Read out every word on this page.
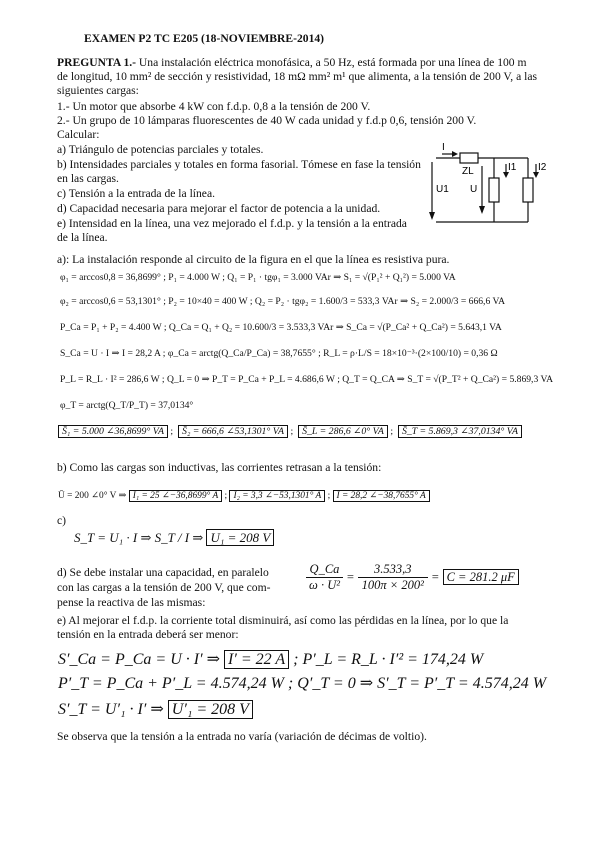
EXAMEN P2 TC E205 (18-NOVIEMBRE-2014)
PREGUNTA 1.- Una instalación eléctrica monofásica, a 50 Hz, está formada por una línea de 100 m
de longitud, 10 mm² de sección y resistividad, 18 mΩ mm² m¹ que alimenta, a la tensión de 200 V, a las
siguientes cargas:
1.- Un motor que absorbe 4 kW con f.d.p. 0,8 a la tensión de 200 V.
2.- Un grupo de 10 lámparas fluorescentes de 40 W cada unidad y f.d.p 0,6, tensión 200 V.
Calcular:
a) Triángulo de potencias parciales y totales.
b) Intensidades parciales y totales en forma fasorial. Tómese en fase la tensión
en las cargas.
c) Tensión a la entrada de la línea.
d) Capacidad necesaria para mejorar el factor de potencia a la unidad.
e) Intensidad en la línea, una vez mejorado el f.d.p. y la tensión a la entrada
de la línea.
I
ZL	I1 I2
U1 U
a): La instalación responde al circuito de la figura en el que la línea es resistiva pura.
φ₁ = arccos0,8 = 36,8699° ; P₁ = 4.000 W ; Q₁ = P₁ · tgφ₁ = 3.000 VAr ⇒ S₁ = √(P₁² + Q₁²) = 5.000 VA
φ₂ = arccos0,6 = 53,1301° ; P₂ = 10×40 = 400 W ; Q₂ = P₂ · tgφ₂ = 1.600/3 = 533,3 VAr ⇒ S₂ = 2.000/3 = 666,6 VA
P_Ca = P₁ + P₂ = 4.400 W ; Q_Ca = Q₁ + Q₂ = 10.600/3 = 3.533,3 VAr ⇒ S_Ca = √(P_Ca² + Q_Ca²) = 5.643,1 VA
S_Ca = U · I ⇒ I = 28,2 A ; φ_Ca = arctg(Q_Ca/P_Ca) = 38,7655° ; R_L = ρ·L/S = 18×10⁻³·(2×100/10) = 0,36 Ω
P_L = R_L · I² = 286,6 W ; Q_L = 0 ⇒ P_T = P_Ca + P_L = 4.686,6 W ; Q_T = Q_CA ⇒ S_T = √(P_T² + Q_Ca²) = 5.869,3 VA
φ_T = arctg(Q_T/P_T) = 37,0134°
S̄₁ = 5.000 ∠36,8699° VA ;  S̄₂ = 666,6 ∠53,1301° VA ;  S̄_L = 286,6 ∠0° VA ;  S̄_T = 5.869,3 ∠37,0134° VA
b) Como las cargas son inductivas, las corrientes retrasan a la tensión:
Ū = 200 ∠0° V ⇒ Ī₁ = 25 ∠−36,8699° A ; Ī₂ = 3,3 ∠−53,1301° A ; Ī = 28,2 ∠−38,7655° A
c)
S_T = U₁ · I ⇒ S_T / I ⇒ U₁ = 208 V
d) Se debe instalar una capacidad, en paralelo
con las cargas a la tensión de 200 V, que com-
pense la reactiva de las mismas:
$\frac{Q\_Ca}{\text{ω · U²}} = \frac{3.533,3}{\text{100π × 200²}} = C = 281.2$ μF
e) Al mejorar el f.d.p. la corriente total disminuirá, así como las pérdidas en la línea, por lo que la
tensión en la entrada deberá ser menor:
S′_Ca = P_Ca = U · I′ ⇒ I′ = 22 A ; P′_L = R_L · I′² = 174,24 W
P′_T = P_Ca + P′_L = 4.574,24 W ; Q′_T = 0 ⇒ S′_T = P′_T = 4.574,24 W
S′_T = U′₁ · I′ ⇒ U′₁ = 208 V
Se observa que la tensión a la entrada no varía (variación de décimas de voltio).
